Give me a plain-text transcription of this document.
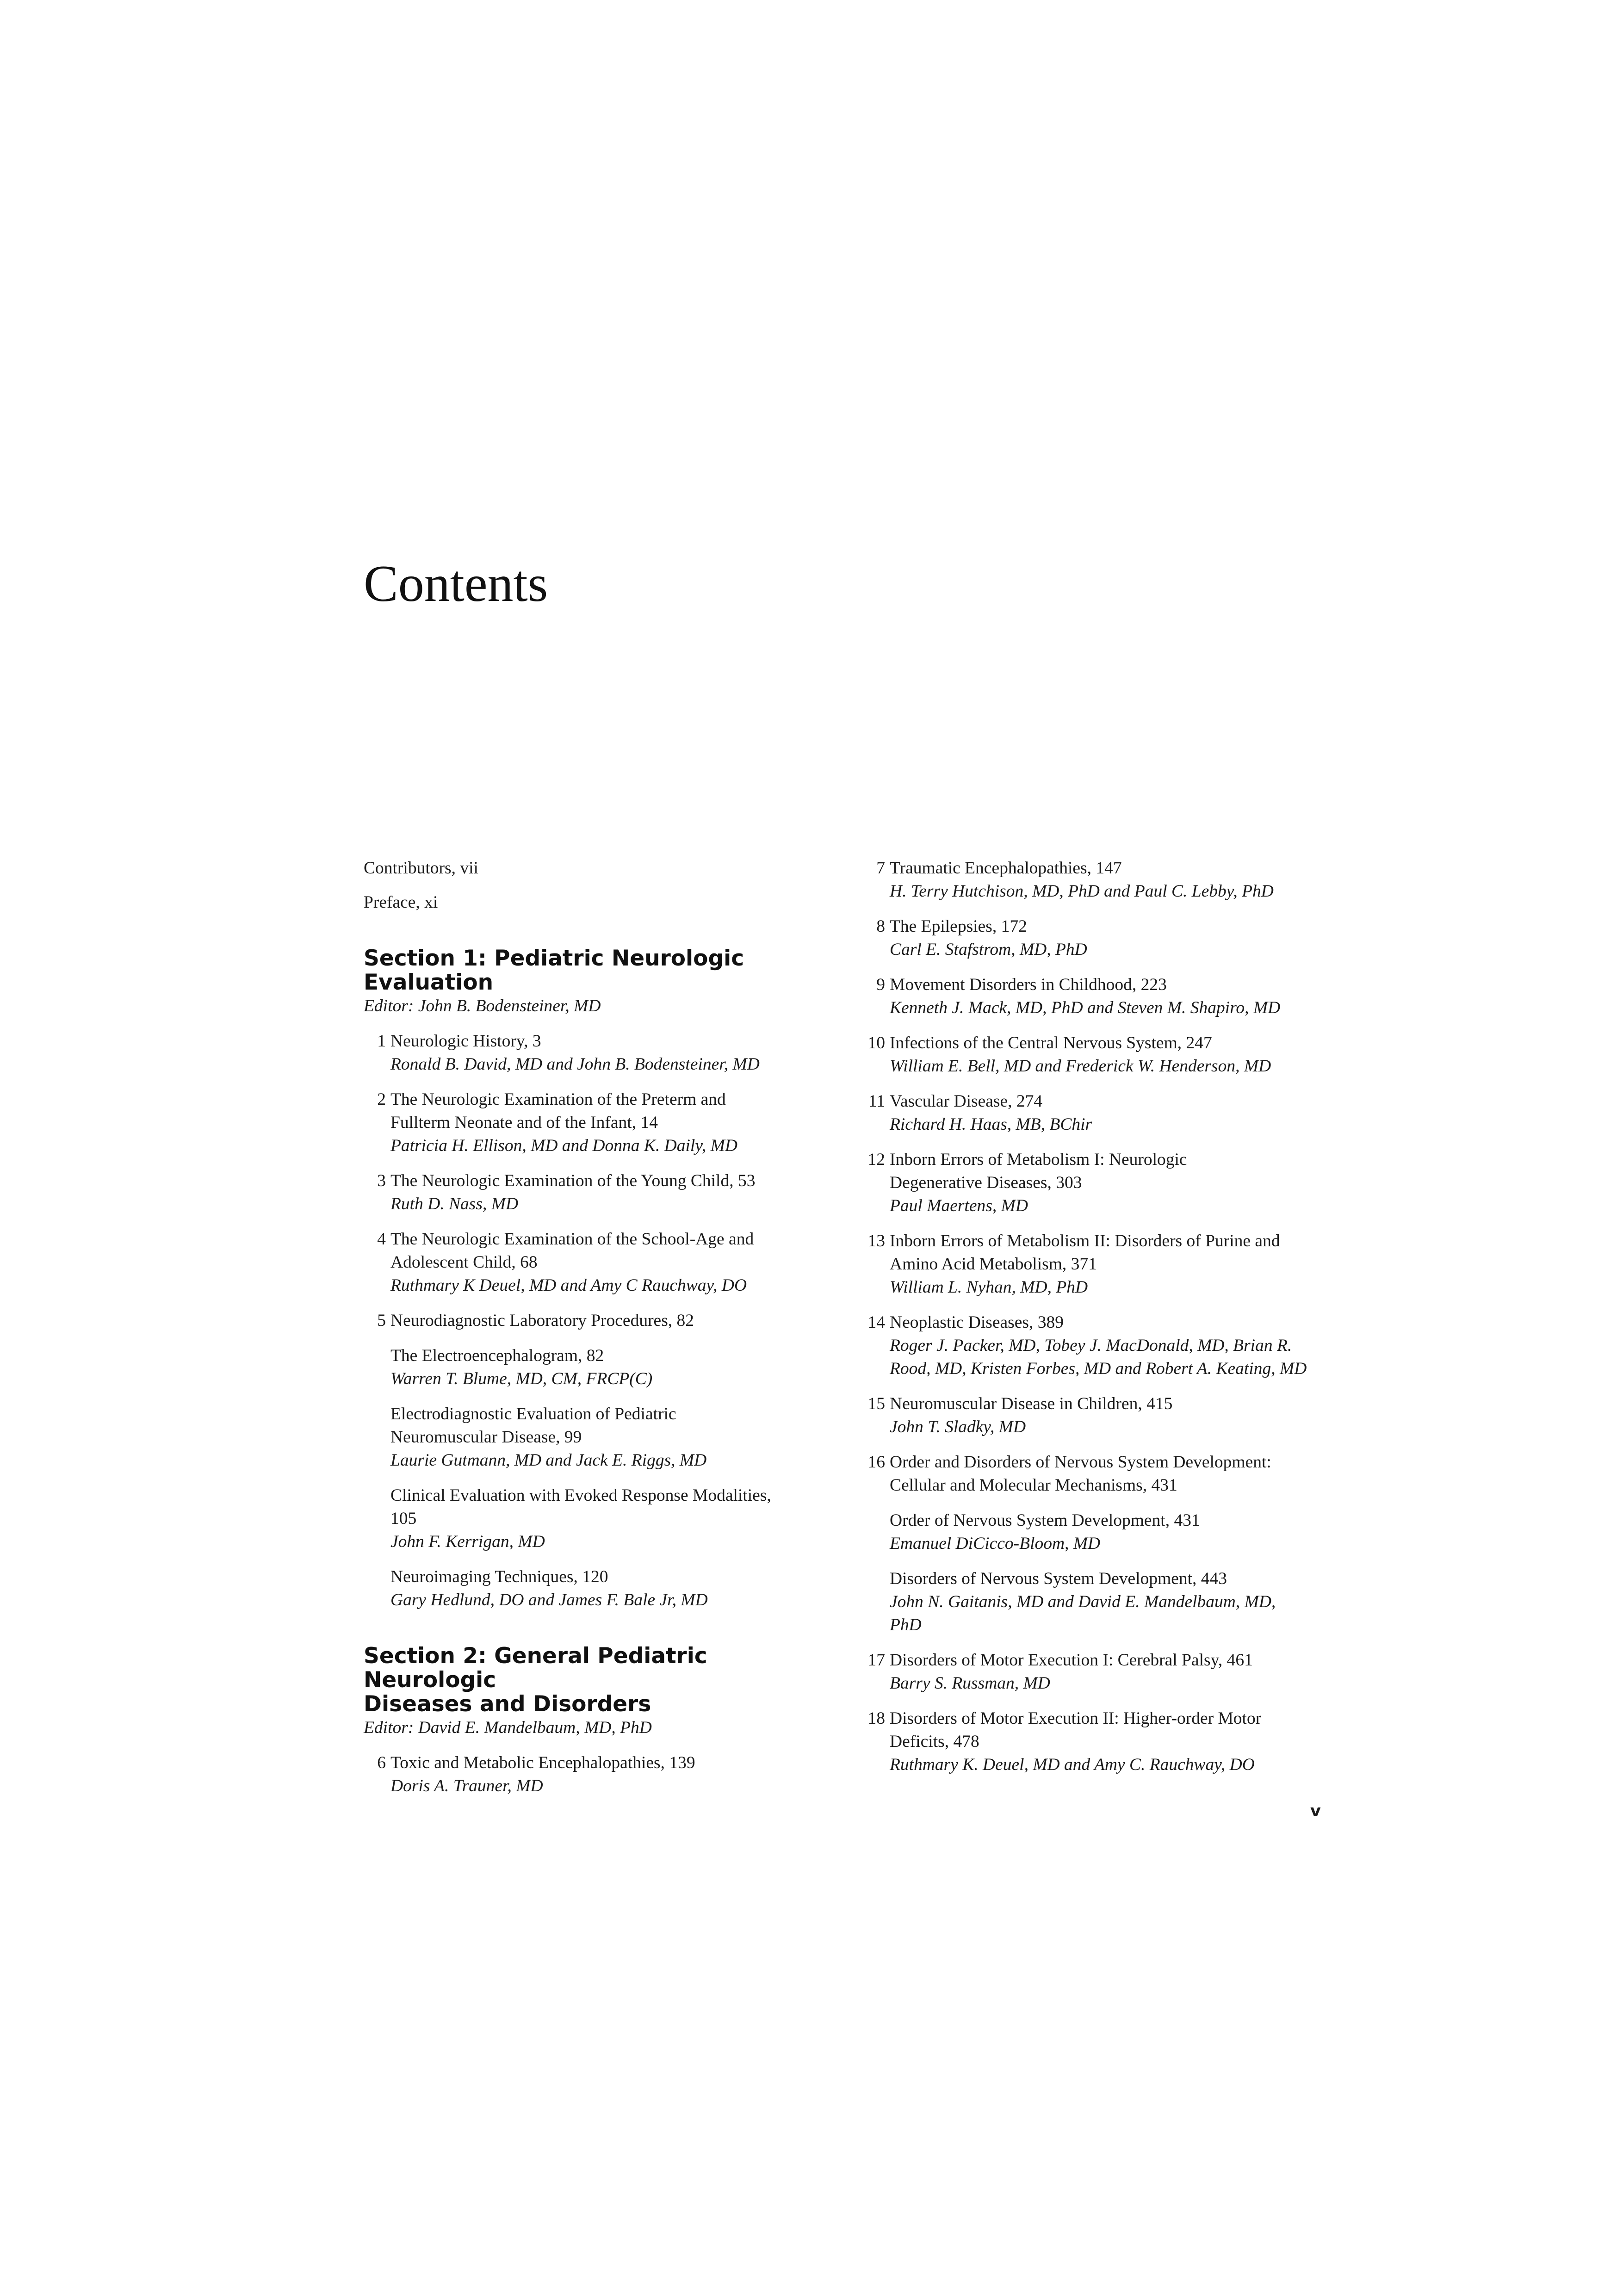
Contents
Contributors, vii
Preface, xi
Section 1: Pediatric Neurologic
Evaluation
Editor: John B. Bodensteiner, MD
1 Neurologic History, 3
Ronald B. David, MD and John B. Bodensteiner, MD
2 The Neurologic Examination of the Preterm and
Fullterm Neonate and of the Infant, 14
Patricia H. Ellison, MD and Donna K. Daily, MD
3 The Neurologic Examination of the Young Child, 53
Ruth D. Nass, MD
4 The Neurologic Examination of the School-Age and
Adolescent Child, 68
Ruthmary K Deuel, MD and Amy C Rauchway, DO
5 Neurodiagnostic Laboratory Procedures, 82
The Electroencephalogram, 82
Warren T. Blume, MD, CM, FRCP(C)
Electrodiagnostic Evaluation of Pediatric
Neuromuscular Disease, 99
Laurie Gutmann, MD and Jack E. Riggs, MD
Clinical Evaluation with Evoked Response Modalities,
105
John F. Kerrigan, MD
Neuroimaging Techniques, 120
Gary Hedlund, DO and James F. Bale Jr, MD
Section 2: General Pediatric Neurologic
Diseases and Disorders
Editor: David E. Mandelbaum, MD, PhD
6 Toxic and Metabolic Encephalopathies, 139
Doris A. Trauner, MD
7 Traumatic Encephalopathies, 147
H. Terry Hutchison, MD, PhD and Paul C. Lebby, PhD
8 The Epilepsies, 172
Carl E. Stafstrom, MD, PhD
9 Movement Disorders in Childhood, 223
Kenneth J. Mack, MD, PhD and Steven M. Shapiro, MD
10 Infections of the Central Nervous System, 247
William E. Bell, MD and Frederick W. Henderson, MD
11 Vascular Disease, 274
Richard H. Haas, MB, BChir
12 Inborn Errors of Metabolism I: Neurologic
Degenerative Diseases, 303
Paul Maertens, MD
13 Inborn Errors of Metabolism II: Disorders of Purine and
Amino Acid Metabolism, 371
William L. Nyhan, MD, PhD
14 Neoplastic Diseases, 389
Roger J. Packer, MD, Tobey J. MacDonald, MD, Brian R.
Rood, MD, Kristen Forbes, MD and Robert A. Keating, MD
15 Neuromuscular Disease in Children, 415
John T. Sladky, MD
16 Order and Disorders of Nervous System Development:
Cellular and Molecular Mechanisms, 431
Order of Nervous System Development, 431
Emanuel DiCicco-Bloom, MD
Disorders of Nervous System Development, 443
John N. Gaitanis, MD and David E. Mandelbaum, MD,
PhD
17 Disorders of Motor Execution I: Cerebral Palsy, 461
Barry S. Russman, MD
18 Disorders of Motor Execution II: Higher-order Motor
Deficits, 478
Ruthmary K. Deuel, MD and Amy C. Rauchway, DO
v
